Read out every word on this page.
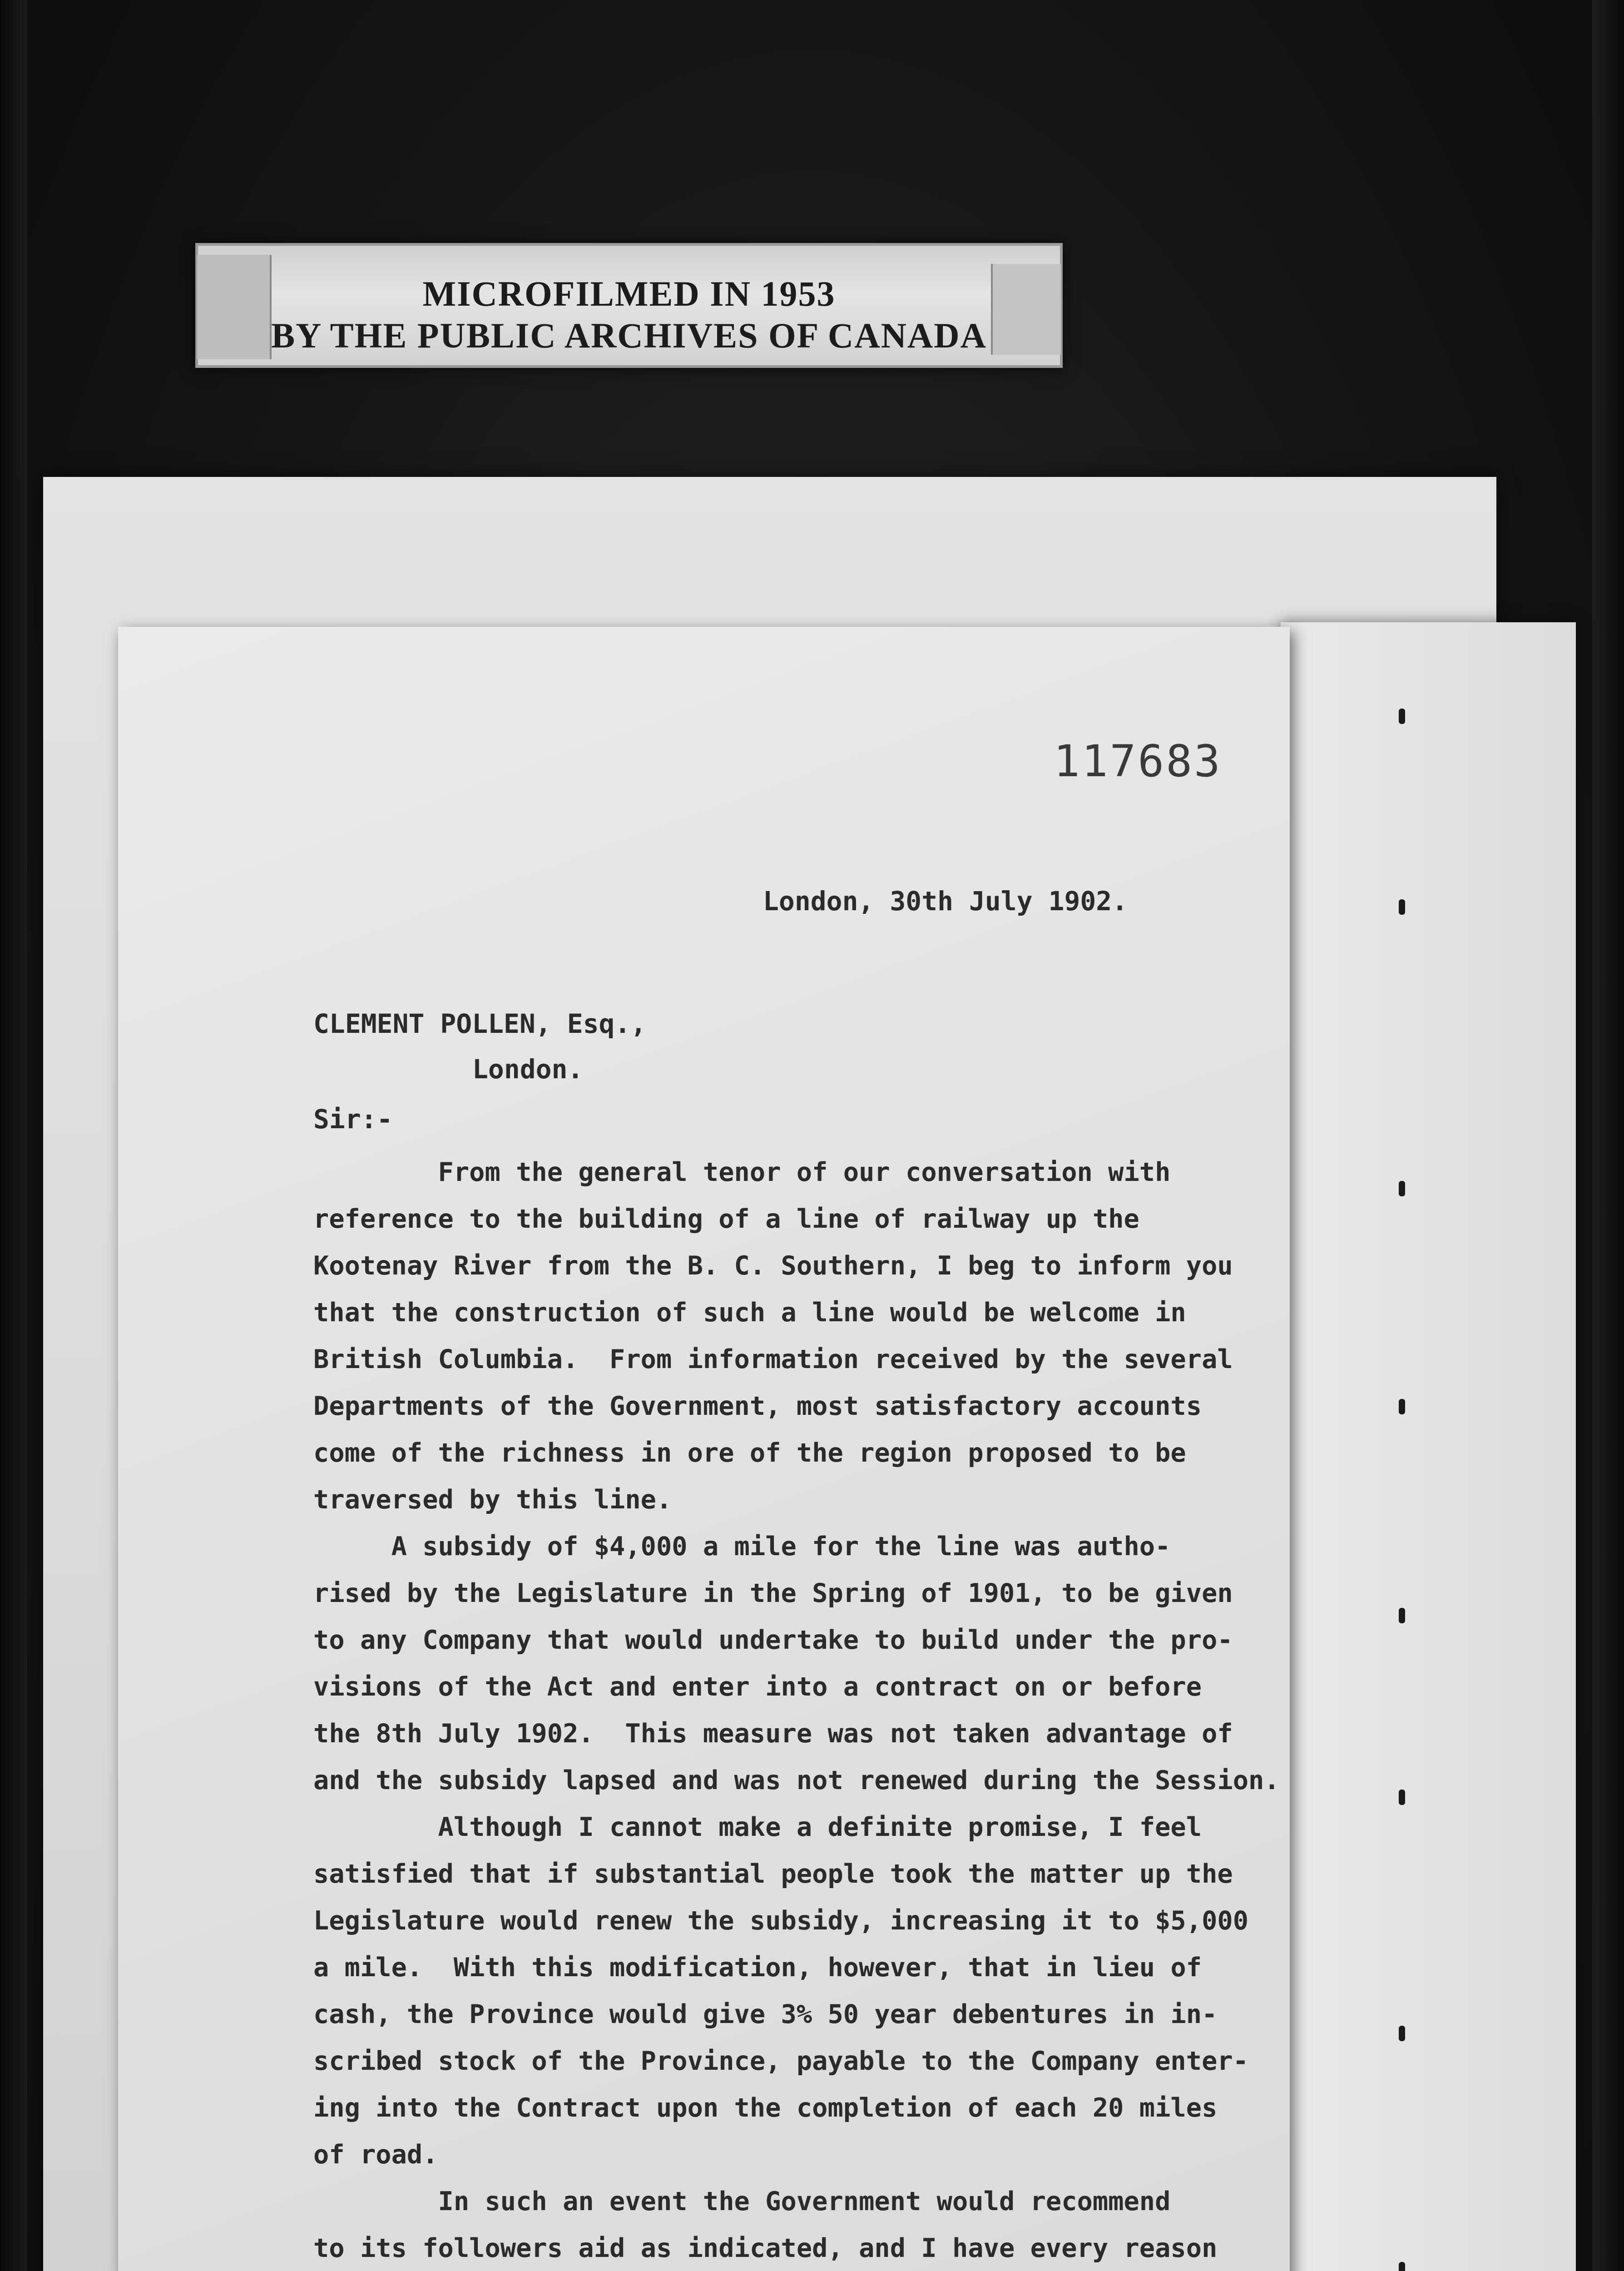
MICROFILMED IN 1953
BY THE PUBLIC ARCHIVES OF CANADA
117683
London, 30th July 1902.
CLEMENT POLLEN, Esq.,
London.
Sir:-
From the general tenor of our conversation with
reference to the building of a line of railway up the
Kootenay River from the B. C. Southern, I beg to inform you
that the construction of such a line would be welcome in
British Columbia.  From information received by the several
Departments of the Government, most satisfactory accounts
come of the richness in ore of the region proposed to be
traversed by this line.
A subsidy of $4,000 a mile for the line was autho-
rised by the Legislature in the Spring of 1901, to be given
to any Company that would undertake to build under the pro-
visions of the Act and enter into a contract on or before
the 8th July 1902.  This measure was not taken advantage of
and the subsidy lapsed and was not renewed during the Session.
Although I cannot make a definite promise, I feel
satisfied that if substantial people took the matter up the
Legislature would renew the subsidy, increasing it to $5,000
a mile.  With this modification, however, that in lieu of
cash, the Province would give 3% 50 year debentures in in-
scribed stock of the Province, payable to the Company enter-
ing into the Contract upon the completion of each 20 miles
of road.
In such an event the Government would recommend
to its followers aid as indicated, and I have every reason
